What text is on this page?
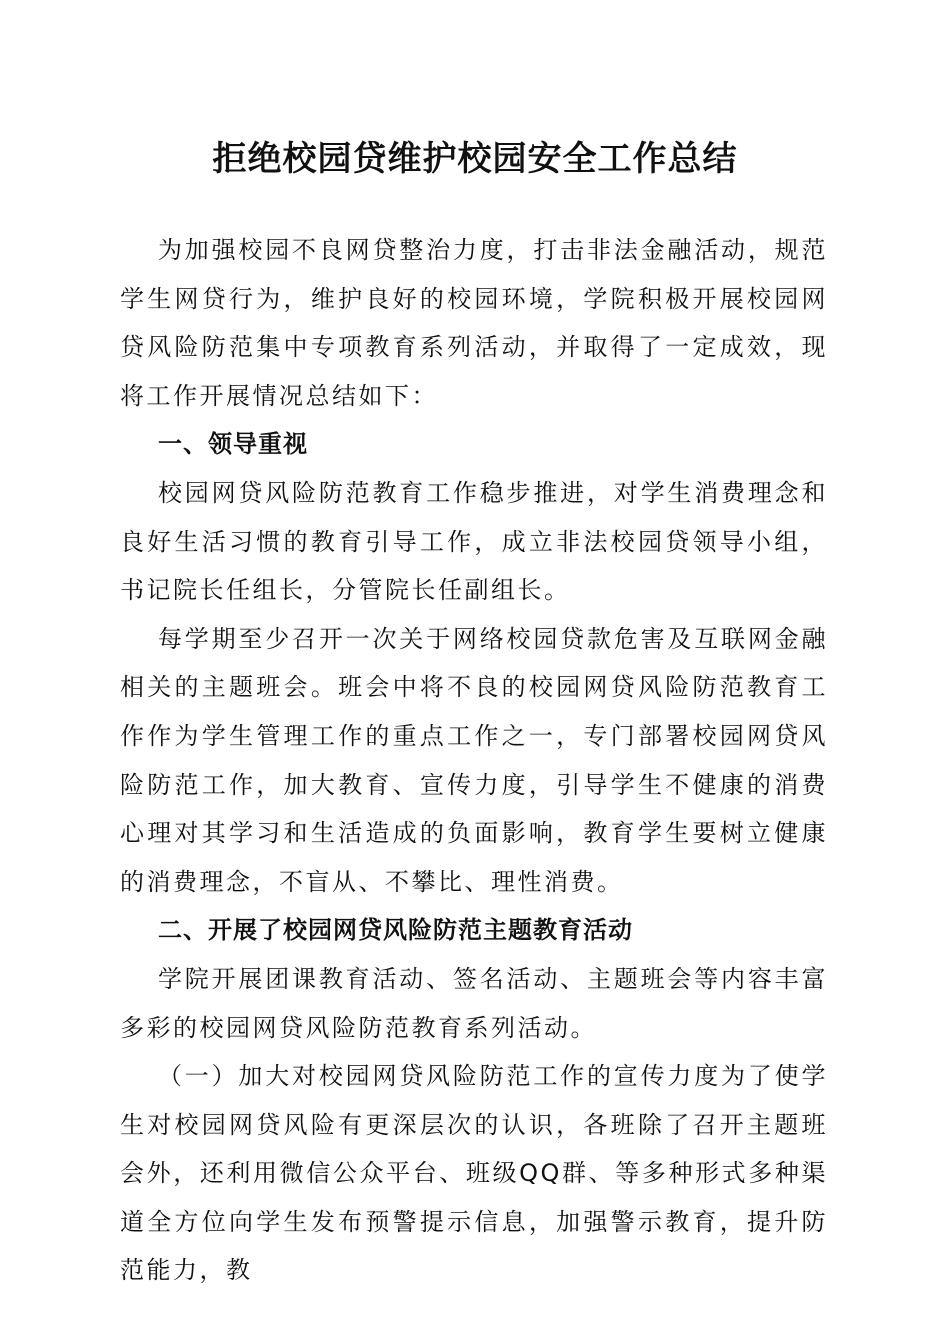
拒绝校园贷维护校园安全工作总结

为加强校园不良网贷整治力度，打击非法金融活动，规范学生网贷行为，维护良好的校园环境，学院积极开展校园网贷风险防范集中专项教育系列活动，并取得了一定成效，现将工作开展情况总结如下：

一、领导重视

校园网贷风险防范教育工作稳步推进，对学生消费理念和良好生活习惯的教育引导工作，成立非法校园贷领导小组，书记院长任组长，分管院长任副组长。

每学期至少召开一次关于网络校园贷款危害及互联网金融相关的主题班会。班会中将不良的校园网贷风险防范教育工作作为学生管理工作的重点工作之一，专门部署校园网贷风险防范工作，加大教育、宣传力度，引导学生不健康的消费心理对其学习和生活造成的负面影响，教育学生要树立健康的消费理念，不盲从、不攀比、理性消费。

二、开展了校园网贷风险防范主题教育活动

学院开展团课教育活动、签名活动、主题班会等内容丰富多彩的校园网贷风险防范教育系列活动。

（一）加大对校园网贷风险防范工作的宣传力度为了使学生对校园网贷风险有更深层次的认识，各班除了召开主题班会外，还利用微信公众平台、班级QQ群、等多种形式多种渠道全方位向学生发布预警提示信息，加强警示教育，提升防范能力，教
